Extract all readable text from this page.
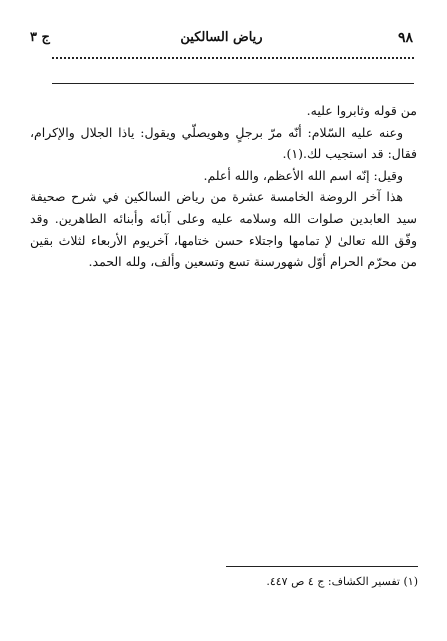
٩٨
رياض السالكين
ج ٣

من قوله وثابروا عليه.

وعنه عليه السّلام: أنّه مرّ برجلٍ وهويصلّي ويقول: ياذا الجلال والإكرام، فقال: قد استجيب لك.(١).

وقيل: إنّه اسم الله الأعظم، والله أعلم.

هذا آخر الروضة الخامسة عشرة من رياض السالكين في شرح صحيفة سيد العابدين صلوات الله وسلامه عليه وعلى آبائه وأبنائه الطاهرين. وقد وفّق الله تعالىٰ لإ تمامها واجتلاء حسن ختامها، آخريوم الأربعاء لثلاث بقين من محرّم الحرام أوّل شهورسنة تسع وتسعين وألف، ولله الحمد.

(١) تفسير الكشاف: ج ٤ ص ٤٤٧.
